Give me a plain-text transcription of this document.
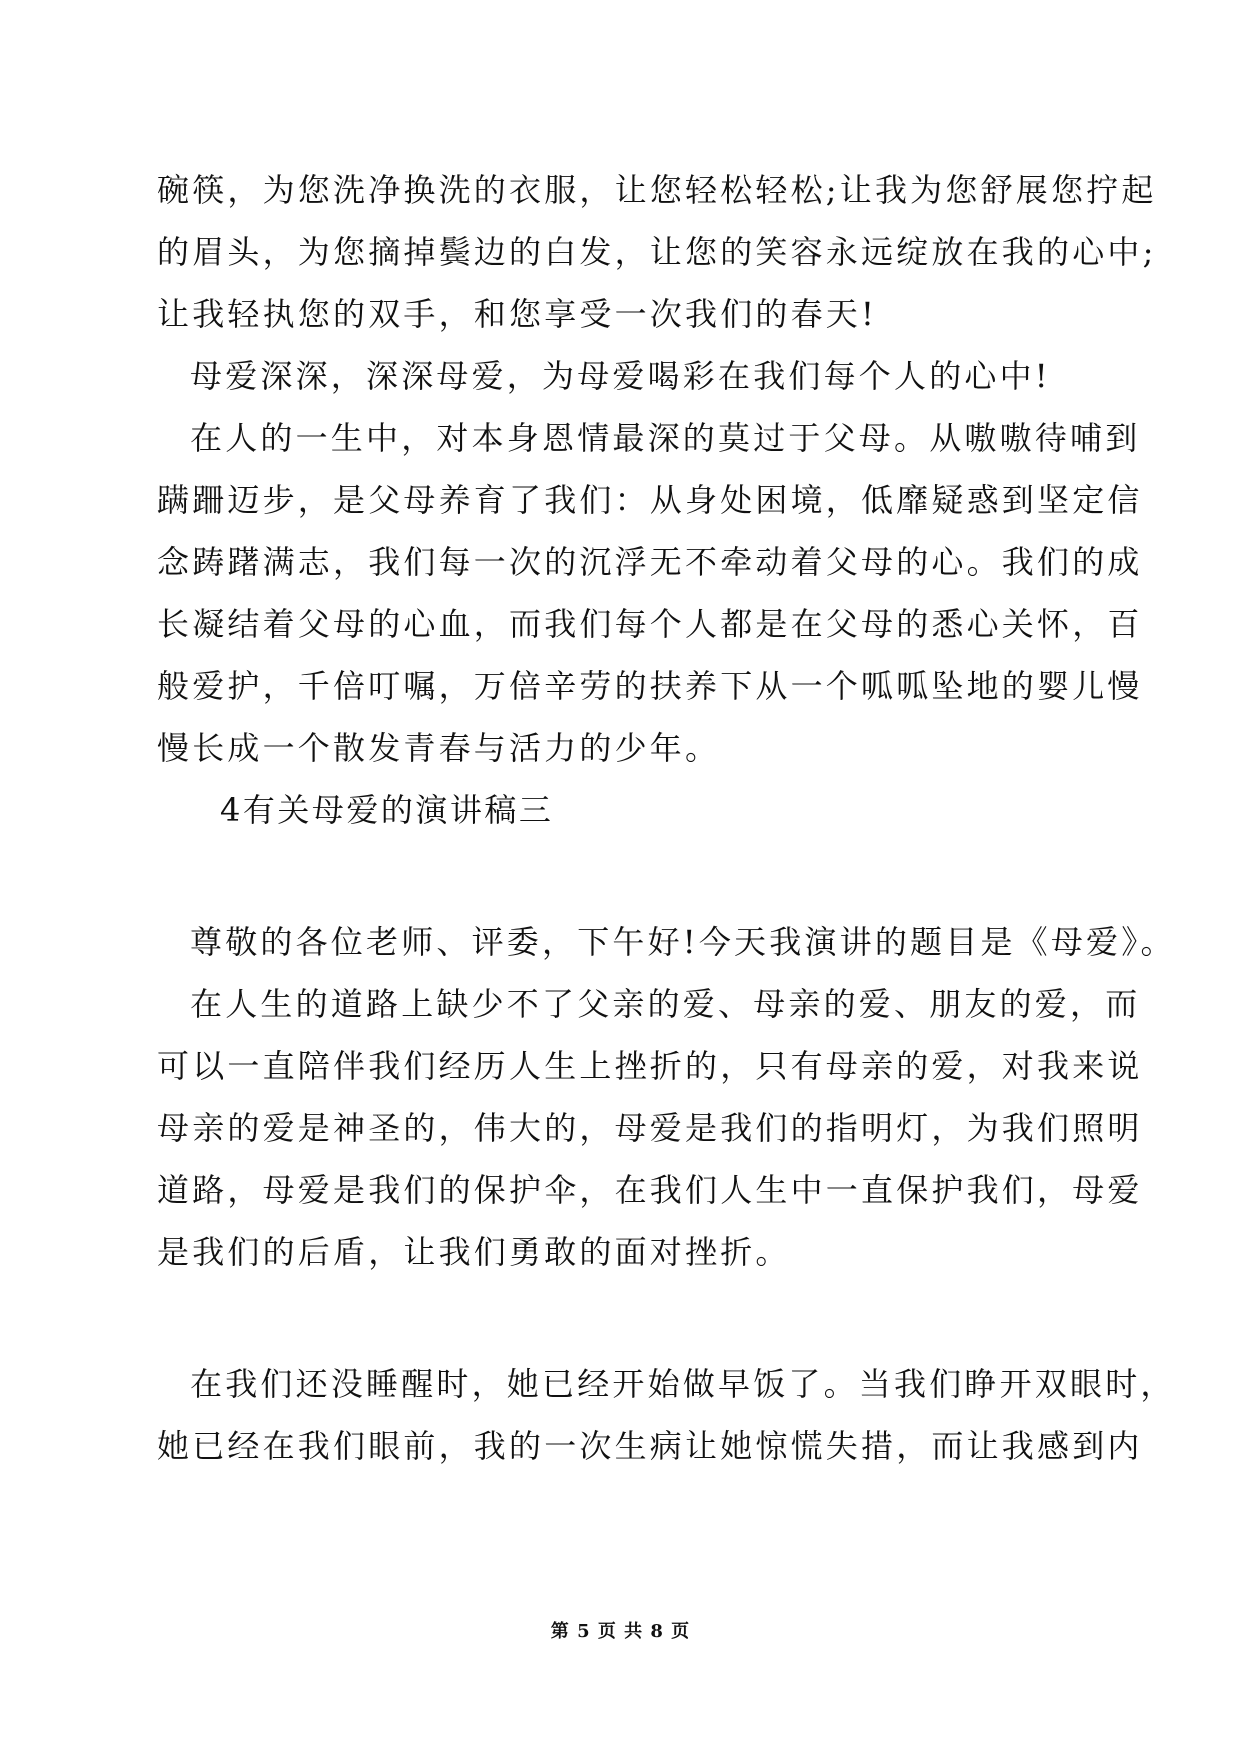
碗筷，为您洗净换洗的衣服，让您轻松轻松;让我为您舒展您拧起
的眉头，为您摘掉鬓边的白发，让您的笑容永远绽放在我的心中;
让我轻执您的双手，和您享受一次我们的春天!
母爱深深，深深母爱，为母爱喝彩在我们每个人的心中!
在人的一生中，对本身恩情最深的莫过于父母。从嗷嗷待哺到
蹒跚迈步，是父母养育了我们：从身处困境，低靡疑惑到坚定信
念踌躇满志，我们每一次的沉浮无不牵动着父母的心。我们的成
长凝结着父母的心血，而我们每个人都是在父母的悉心关怀，百
般爱护，千倍叮嘱，万倍辛劳的扶养下从一个呱呱坠地的婴儿慢
慢长成一个散发青春与活力的少年。
4有关母爱的演讲稿三
尊敬的各位老师、评委，下午好!今天我演讲的题目是《母爱》。
在人生的道路上缺少不了父亲的爱、母亲的爱、朋友的爱，而
可以一直陪伴我们经历人生上挫折的，只有母亲的爱，对我来说
母亲的爱是神圣的，伟大的，母爱是我们的指明灯，为我们照明
道路，母爱是我们的保护伞，在我们人生中一直保护我们，母爱
是我们的后盾，让我们勇敢的面对挫折。
在我们还没睡醒时，她已经开始做早饭了。当我们睁开双眼时，
她已经在我们眼前，我的一次生病让她惊慌失措，而让我感到内
第 5 页 共 8 页
